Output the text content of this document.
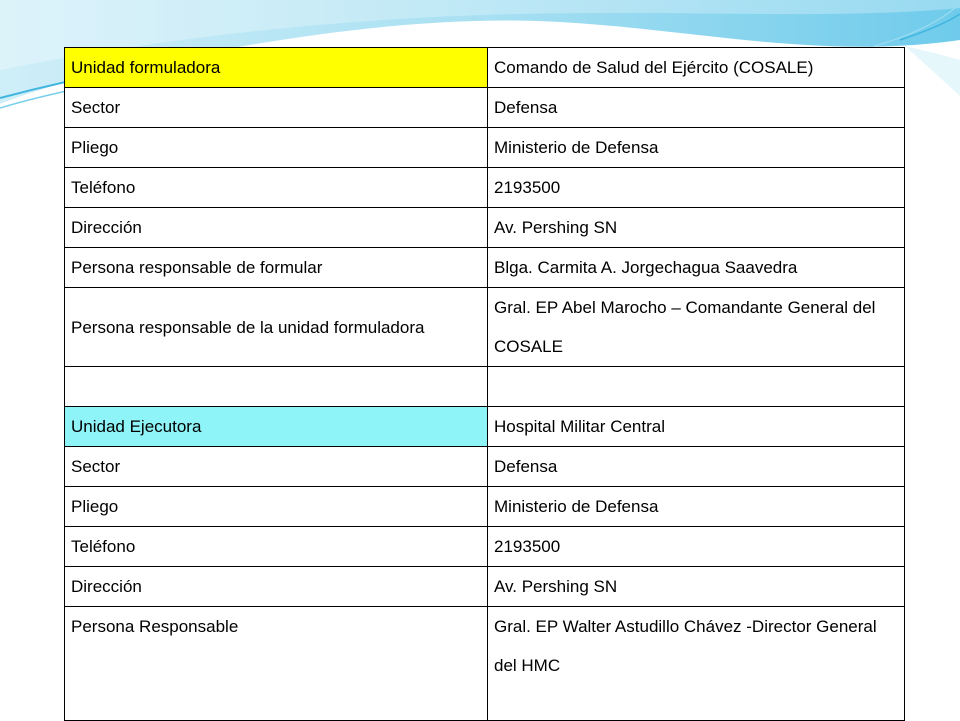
Unidad formuladora	Comando de Salud del Ejército (COSALE)
Sector	Defensa
Pliego	Ministerio de Defensa
Teléfono	2193500
Dirección	Av. Pershing SN
Persona responsable de formular	Blga. Carmita A. Jorgechagua Saavedra
Persona responsable de la unidad formuladora	Gral. EP Abel Marocho – Comandante General del COSALE

Unidad Ejecutora	Hospital Militar Central
Sector	Defensa
Pliego	Ministerio de Defensa
Teléfono	2193500
Dirección	Av. Pershing SN
Persona Responsable	Gral. EP Walter Astudillo Chávez -Director General del HMC
